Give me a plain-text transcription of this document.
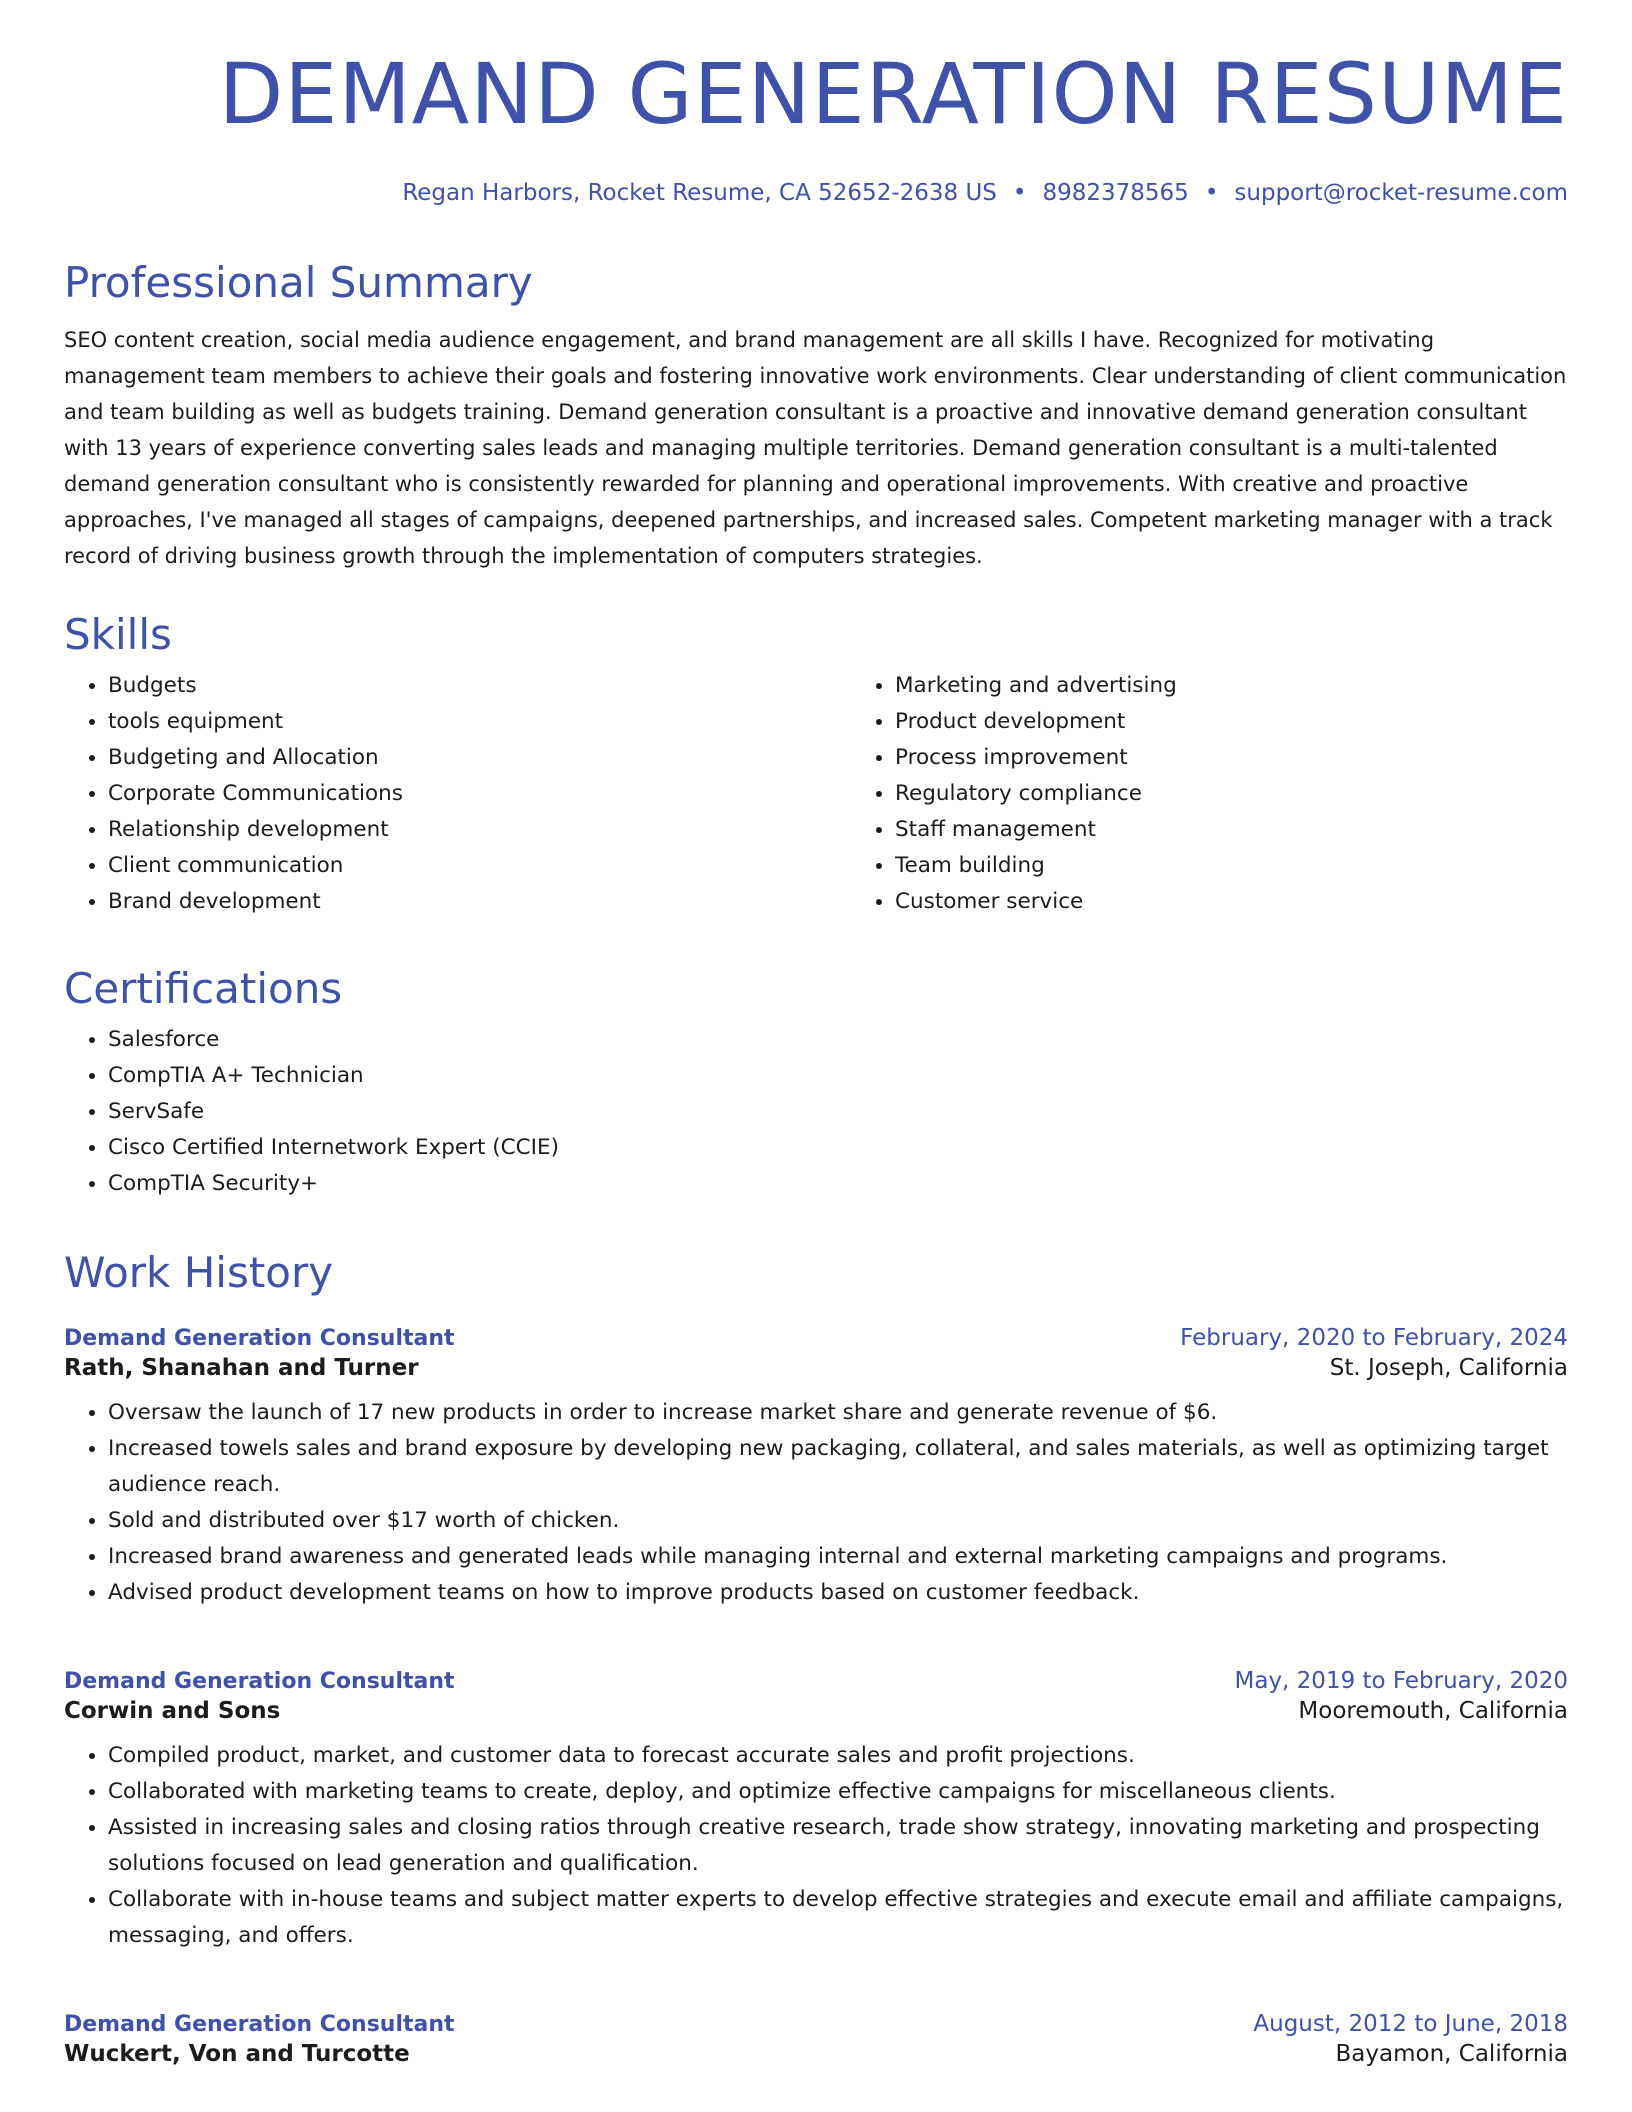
DEMAND GENERATION RESUME
Regan Harbors, Rocket Resume, CA 52652-2638 US • 8982378565 • support@rocket-resume.com
Professional Summary

SEO content creation, social media audience engagement, and brand management are all skills I have. Recognized for motivating management team members to achieve their goals and fostering innovative work environments. Clear understanding of client communication and team building as well as budgets training. Demand generation consultant is a proactive and innovative demand generation consultant with 13 years of experience converting sales leads and managing multiple territories. Demand generation consultant is a multi-talented demand generation consultant who is consistently rewarded for planning and operational improvements. With creative and proactive approaches, I've managed all stages of campaigns, deepened partnerships, and increased sales. Competent marketing manager with a track record of driving business growth through the implementation of computers strategies.

Skills
• Budgets
• tools equipment
• Budgeting and Allocation
• Corporate Communications
• Relationship development
• Client communication
• Brand development
• Marketing and advertising
• Product development
• Process improvement
• Regulatory compliance
• Staff management
• Team building
• Customer service
Certifications
• Salesforce
• CompTIA A+ Technician
• ServSafe
• Cisco Certified Internetwork Expert (CCIE)
• CompTIA Security+
Work History
Demand Generation Consultant	February, 2020 to February, 2024
Rath, Shanahan and Turner	St. Joseph, California
• Oversaw the launch of 17 new products in order to increase market share and generate revenue of $6.
• Increased towels sales and brand exposure by developing new packaging, collateral, and sales materials, as well as optimizing target audience reach.
• Sold and distributed over $17 worth of chicken.
• Increased brand awareness and generated leads while managing internal and external marketing campaigns and programs.
• Advised product development teams on how to improve products based on customer feedback.
Demand Generation Consultant	May, 2019 to February, 2020
Corwin and Sons	Mooremouth, California
• Compiled product, market, and customer data to forecast accurate sales and profit projections.
• Collaborated with marketing teams to create, deploy, and optimize effective campaigns for miscellaneous clients.
• Assisted in increasing sales and closing ratios through creative research, trade show strategy, innovating marketing and prospecting solutions focused on lead generation and qualification.
• Collaborate with in-house teams and subject matter experts to develop effective strategies and execute email and affiliate campaigns, messaging, and offers.
Demand Generation Consultant	August, 2012 to June, 2018
Wuckert, Von and Turcotte	Bayamon, California
